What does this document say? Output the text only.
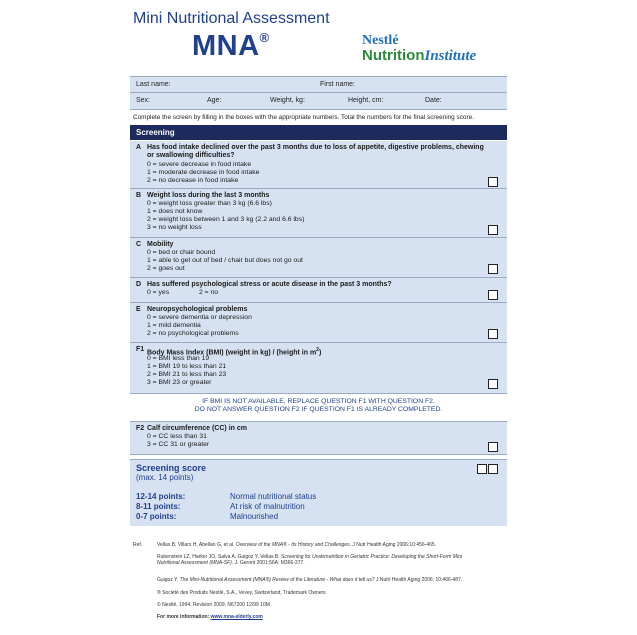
Mini Nutritional Assessment
MNA®	Nestlé
NutritionInstitute
Last name:	First name:
Sex:	Age:	Weight, kg:	Height, cm:	Date:
Complete the screen by filling in the boxes with the appropriate numbers. Total the numbers for the final screening score.
Screening
A Has food intake declined over the past 3 months due to loss of appetite, digestive problems, chewing or swallowing difficulties?
0 = severe decrease in food intake
1 = moderate decrease in food intake
2 = no decrease in food intake
B Weight loss during the last 3 months
0 = weight loss greater than 3 kg (6.6 lbs)
1 = does not know
2 = weight loss between 1 and 3 kg (2.2 and 6.6 lbs)
3 = no weight loss
C Mobility
0 = bed or chair bound
1 = able to get out of bed / chair but does not go out
2 = goes out
D Has suffered psychological stress or acute disease in the past 3 months?
0 = yes	2 = no
E Neuropsychological problems
0 = severe dementia or depression
1 = mild dementia
2 = no psychological problems
F1 Body Mass Index (BMI) (weight in kg) / (height in $m^2$)
0 = BMI less than 19
1 = BMI 19 to less than 21
2 = BMI 21 to less than 23
3 = BMI 23 or greater
IF BMI IS NOT AVAILABLE, REPLACE QUESTION F1 WITH QUESTION F2.
DO NOT ANSWER QUESTION F2 IF QUESTION F1 IS ALREADY COMPLETED.
F2 Calf circumference (CC) in cm
0 = CC less than 31
3 = CC 31 or greater
Screening score
(max. 14 points)
12-14 points:	Normal nutritional status
8-11 points:	At risk of malnutrition
0-7 points:	Malnourished
Ref.	Vellas B, Villars H, Abellan G, et al. Overview of the MNA® - Its History and Challenges. J Nutr Health Aging 2006;10:456-465.
Rubenstein LZ, Harker JO, Salva A, Guigoz Y, Vellas B. Screening for Undernutrition in Geriatric Practice: Developing the Short-Form Mini
Nutritional Assessment (MNA-SF). J. Geront 2001;56A: M366-377.
Guigoz Y. The Mini-Nutritional Assessment (MNA®) Review of the Literature - What does it tell us? J Nutri Health Aging 2006; 10:466-487.
® Société des Produits Nestlé, S.A., Vevey, Switzerland, Trademark Owners
© Nestlé, 1994, Revision 2009. N67200 12/99 10M
For more information: www.mna-elderly.com
